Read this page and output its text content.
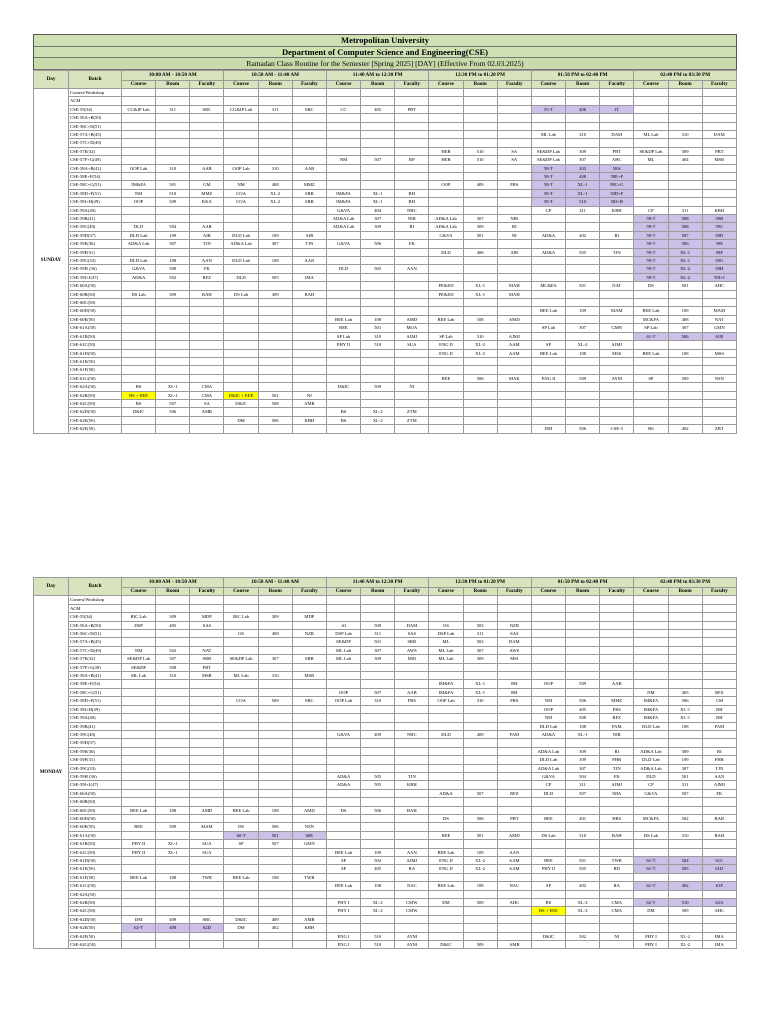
Metropolitan University
Department of Computer Science and Engineering(CSE)
Ramadan Class Routine for the Semester [Spring 2025] [DAY] (Effective From 02.03.2025)
Day	Batch	10:00 AM - 10:50 AM			10:50 AM - 11:40 AM			11:40 AM to 12:30 PM			12:30 PM to 01:20 PM			01:50 PM to 02:40 PM			02:40 PM to 03:30 PM		
		Course	Room	Faculty	Course	Room	Faculty	Course	Room	Faculty	Course	Room	Faculty	Course	Room	Faculty	Course	Room	Faculty
SUNDAY	Contest/Workshop																		
	ACM																		
	CSE-55(34)	CG&IP Lab	311	SRC	CG&IP Lab	311	SRC	CC	405	PBT				55-T	406	JT			
	CSE-56A+B(50)																		
	CSE-56C+D(51)																		
	CSE-57A+B(45)													ML Lab	310	DAM	ML Lab	310	DAM
	CSE-57C+D(49)																		
	CSE-57E(32)										HEB	510	SA	SE&DP Lab	309	PBT	SE&DP Lab	309	PBT
	CSE-57F+G(49)							NM	507	RP	HEB	510	SA	SE&DP Lab	307	AHC	ML	404	MSR
	CSE-58A+B(41)	OOP Lab	310	AAB	OOP Lab	310	AAB							58-T	203	58A			
	CSE-58E+F(54)													58-T	408	58E+F			
	CSE-58C+G(51)	IM&FA	501	GM	NM	408	MMZ				OOP	409	FRS	58-T	XL-1	58C+G			
	CSE-58D+F(51)	NM	510	MMZ	COA	XL-2	SRR	IM&FA	XL-1	RH				58-T	XL-1	58D+F			
	CSE-58I+H(49)	OOP	509	KKA	COA	XL-2	SRR	IM&FA	XL-1	RH				58-T	510	58I+H			
	CSE-59A(40)							G&VA	404	NHC				CP	311	KBH	CP	311	KBH
	CSE-59B(41)							AD&A Lab	307	NIR	AD&A Lab	307	NIR				59-T	508	59B
	CSE-59C(40)	DLD	504	AAR				AD&A Lab	309	RI	AD&A Lab	309	RI				59-T	508	59C
	CSE-59D(37)	DLD Lab	109	AIR	DLD Lab	109	AIR				G&VA	501	NI	AD&A	402	RI	59-T	507	59D
	CSE-59E(36)	AD&A Lab	307	TJN	AD&A Lab	307	TJN	G&VA	506	FK							59-T	506	59E
	CSE-59F(31)										DLD	406	AIR	AD&A	505	TJN	59-T	XL-1	59F
	CSE-59G(33)	DLD Lab	108	AAN	DLD Lab	108	AAN										59-T	XL-1	59G
	CSE-59H (36)	G&VA	508	FK				DLD	505	AAN							59-T	XL-2	59H
	CSE-59I+J(47)	AD&A	502	RFZ	DLD	505	IMA										59-T	XL-2	59I+J
	CSE-60A(50)										PE&ED	XL-1	MAH	MC&FA	501	NAT	DS	501	AHC
	CSE-60B(50)	DS Lab	309	BAH	DS Lab	309	BAH				PE&ED	XL-1	MAH						
	CSE-60C(50)																		
	CSE-60D(50)													BEE Lab	109	MAM	BEE Lab	109	MAM
	CSE-60E(50)							BEE Lab	108	AMD	BEE Lab	108	AMD				MC&FA	408	NAT
	CSE-61A(50)							BEE	501	MOA				SP Lab	307	GMN	SP Lab	307	GMN
	CSE-61B(50)							SP Lab	310	AJMJ	SP Lab	310	AJMJ				61-T	506	61B
	CSE-61C(50)							PHY II	510	SUA	ENG II	XL-2	AAM	SP	XL-2	AJMJ			
	CSE-61D(50)										ENG II	XL-2	AAM	BEE Lab	108	MSS	BEE Lab	108	MSS
	CSE-61E(50)																		
	CSE-61F(50)																		
	CSE-61G(50)										BEE	506	MAK	ENG II	509	AYM	SP	509	NSN
	CSE-62A(50)	BS	XL-1	CMA				D&IC	509	NI									
	CSE-62B(50)	BS + EEE	XL-1	CMA	D&IC + EEE	501	NI												
	CSE-62C(50)	BS	507	SA	D&IC	508	AMR												
	CSE-62D(50)	D&IC	506	AMR				BS	XL-2	ZTM									
	CSE-62E(50)				DM	506	KBH	BS	XL-2	ZTM									
	CSE-62F(50)													DM	506	CSE-3	BS	402	ZBT
Day	Batch	10:00 AM - 10:50 AM			10:50 AM - 11:40 AM			11:40 AM to 12:30 PM			12:30 PM to 01:20 PM			01:50 PM to 02:40 PM			02:40 PM to 03:30 PM		
		Course	Room	Faculty	Course	Room	Faculty	Course	Room	Faculty	Course	Room	Faculty	Course	Room	Faculty	Course	Room	Faculty
MONDAY	Contest/Workshop																		
	ACM																		
	CSE-55(34)	RIC Lab	309	MDP	RIC Lab	309	MDP												
	CSE-56A+B(50)	DSP	405	SAS				AI	509	DAM	OS	503	NZR						
	CSE-56C+D(51)				OS	408	NZR	DSP Lab	311	SAS	DSP Lab	311	SAS						
	CSE-57A+B(45)							SE&DP	501	SRR	ML	502	DAM						
	CSE-57C+D(49)	NM	502	NAT				ML Lab	307	AWS	ML Lab	307	AWS						
	CSE-57E(32)	SE&DP Lab	307	SRR	SE&DP Lab	307	SRR	ML Lab	309	MSI	ML Lab	309	MSI						
	CSE-57F+G(49)	SE&DP	508	PBT															
	CSE-58A+B(41)	ML Lab	310	MSR	ML Lab	310	MSR												
	CSE-58E+F(54)										IM&FA	XL-1	RH	OOP	509	AAB			
	CSE-58C+G(51)							OOP	507	AAB	IM&FA	XL-1	RH				NM	405	RFZ
	CSE-58D+F(51)				COA	509	SRC	OOP Lab	310	FRS	OOP Lab	310	FRS	NM	506	MMZ	IM&FA	506	GM
	CSE-58I+H(49)													OOP	405	FRS	IM&FA	XL-1	RH
	CSE-59A(40)													NM	508	RFZ	IM&FA	XL-1	RH
	CSE-59B(41)													DLD Lab	108	FAM	DLD Lab	108	FAM
	CSE-59C(40)							G&VA	409	NHC	DLD	409	FAM	AD&A	XL-1	NIR			
	CSE-59D(37)																		
	CSE-59E(36)													AD&A Lab	309	RI	AD&A Lab	309	RI
	CSE-59F(31)													DLD Lab	109	FHR	DLD Lab	109	FHR
	CSE-59G(33)													AD&A Lab	307	TJN	AD&A Lab	307	TJN
	CSE-59H (36)							AD&A	505	TJN				G&VA	504	FK	DLD	501	AAN
	CSE-59I+J(47)							AD&A	505	KBH				CP	311	AJMJ	CP	311	AJMJ
	CSE-60A(50)										AD&A	507	RFZ	DLD	507	IMA	G&VA	507	FK
	CSE-60B(50)																		
	CSE-60C(50)	BEE Lab	108	AMD	BEE Lab	108	AMD	DS	506	BAH									
	CSE-60D(50)										DS	506	PBT	BEE	401	HRS	MC&FA	502	RAR
	CSE-60E(50)	BEE	509	MAM	DS	506	NSN												
	CSE-61A(50)				60-T	501	60E				BEE	501	AMD	DS Lab	310	BAH	DS Lab	310	BAH
	CSE-61B(50)	PHY II	XL-1	SUA	SP	507	GMN												
	CSE-61C(50)	PHY II	XL-1	SUA				BEE Lab	109	AAN	BEE Lab	109	AAN						
	CSE-61D(50)							SP	502	AJMJ	ENG II	XL-2	AAM	BEE	501	TWR	61-T	504	61C
	CSE-61E(50)							SP	405	RA	ENG II	XL-2	AAM	PHY II	505	RD	61-T	505	61D
	CSE-61F(50)	BEE Lab	108	TWR	BEE Lab	108	TWR												
	CSE-61G(50)							BEE Lab	108	NAC	BEE Lab	108	NAC	SP	402	RA	61-T	402	61F
	CSE-62A(50)																		
	CSE-62B(50)							PHY I	XL-2	CMW	DM	509	AHC	BS	XL-2	CMA	62-T	510	62A
	CSE-62C(50)							PHY I	XL-2	CMW				BS + EEE	XL-2	CMA	DM	509	AHC
	CSE-62D(50)	DM	409	SRC	D&IC	409	AMR												
	CSE-62E(50)	62-T	408	62D	DM	402	KBH												
	CSE-62F(50)							ENG I	510	AYM				D&IC	502	NI	PHY I	XL-2	IMA
	CSE-62G(50)							ENG I	510	AYM	D&IC	509	AMR				PHY I	XL-2	IMA
